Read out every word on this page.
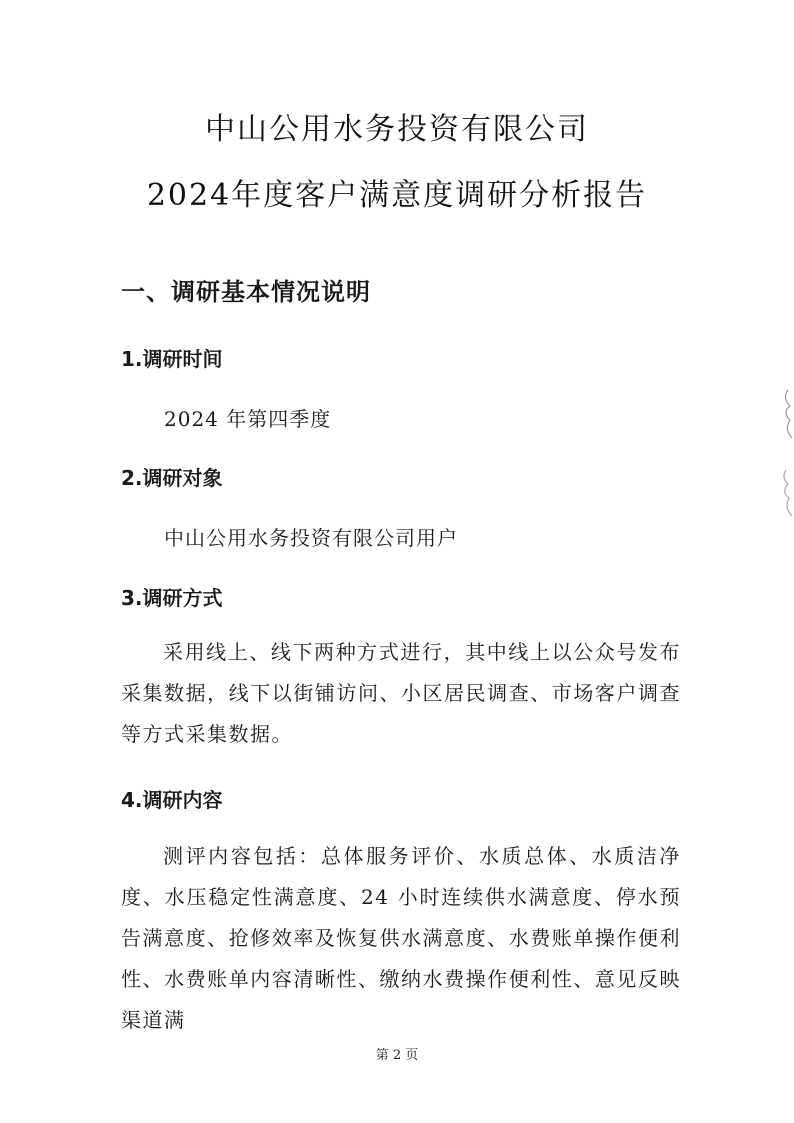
中山公用水务投资有限公司
2024年度客户满意度调研分析报告
一、调研基本情况说明
1.调研时间
2024 年第四季度
2.调研对象
中山公用水务投资有限公司用户
3.调研方式

采用线上、线下两种方式进行，其中线上以公众号发布采集数据，线下以街铺访问、小区居民调查、市场客户调查等方式采集数据。

4.调研内容

测评内容包括：总体服务评价、水质总体、水质洁净度、水压稳定性满意度、24 小时连续供水满意度、停水预告满意度、抢修效率及恢复供水满意度、水费账单操作便利性、水费账单内容清晰性、缴纳水费操作便利性、意见反映渠道满

第 2 页
